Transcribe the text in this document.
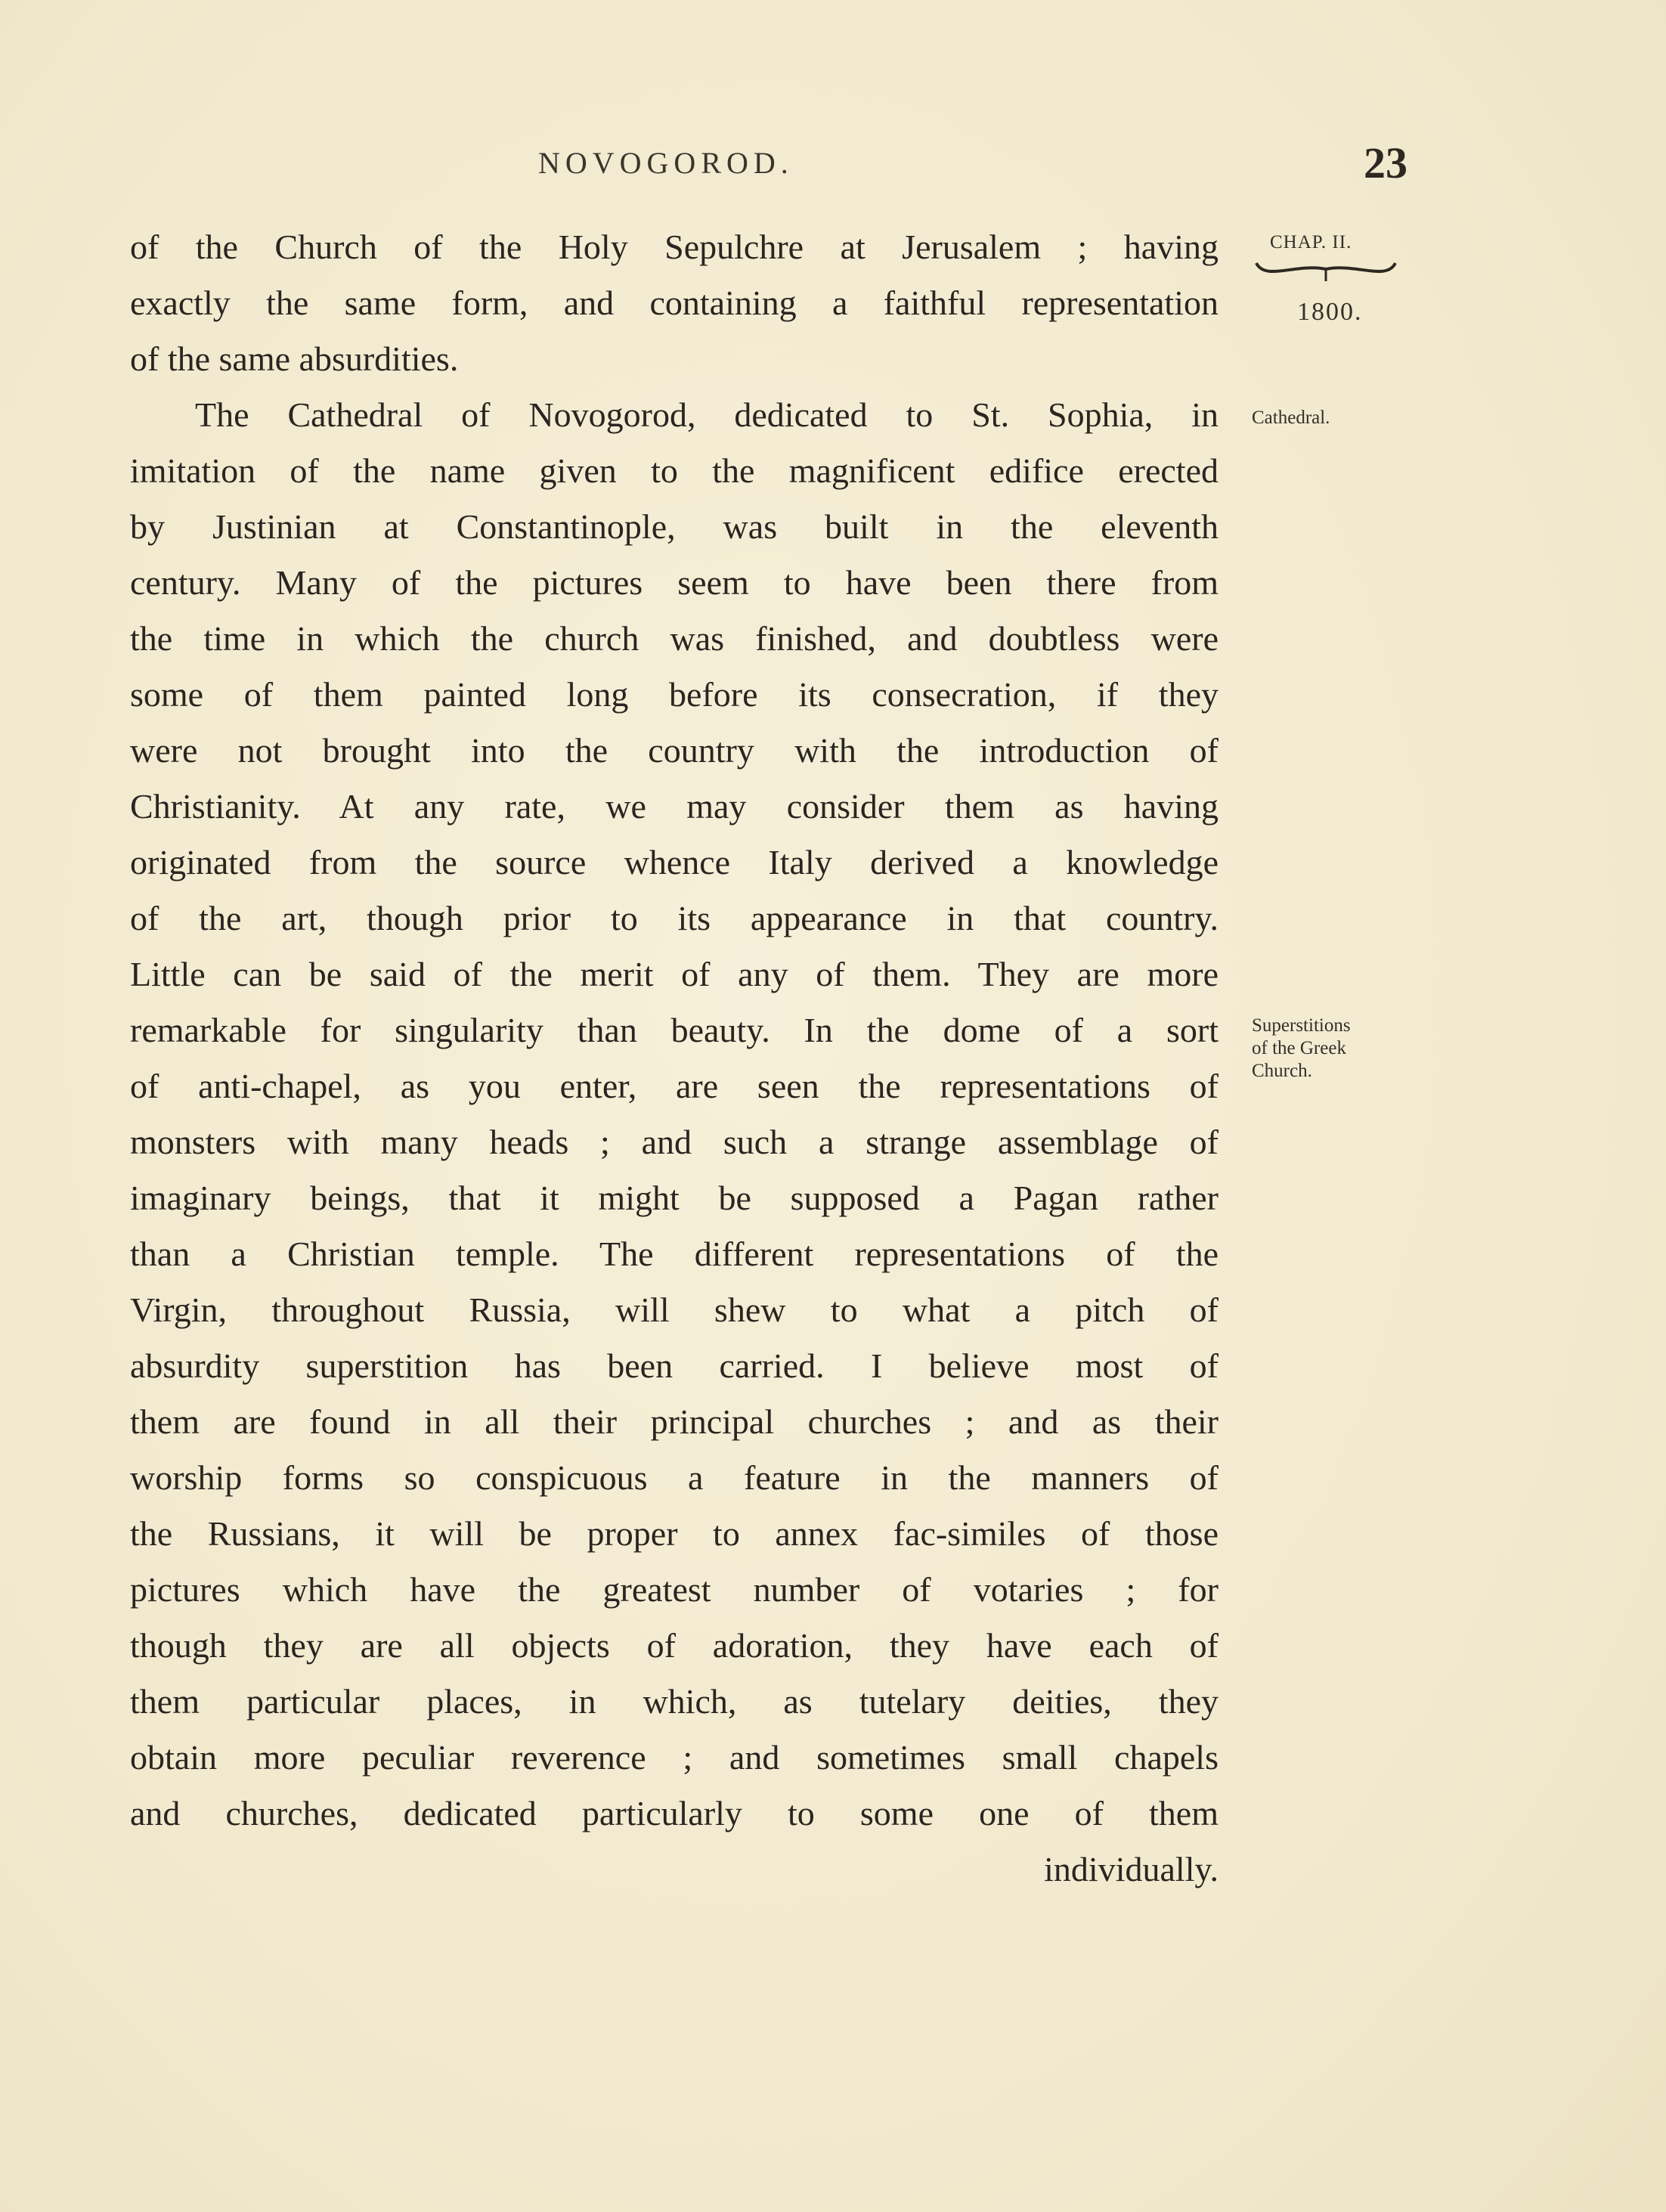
NOVOGOROD.	23
CHAP. II.
1800.
Cathedral.
Superstitions
of the Greek
Church.
of the Church of the Holy Sepulchre at Jerusalem ; having
exactly the same form, and containing a faithful representation
of the same absurdities.
The Cathedral of Novogorod, dedicated to St. Sophia, in
imitation of the name given to the magnificent edifice erected
by Justinian at Constantinople, was built in the eleventh
century. Many of the pictures seem to have been there from
the time in which the church was finished, and doubtless were
some of them painted long before its consecration, if they
were not brought into the country with the introduction of
Christianity. At any rate, we may consider them as having
originated from the source whence Italy derived a knowledge
of the art, though prior to its appearance in that country.
Little can be said of the merit of any of them. They are more
remarkable for singularity than beauty. In the dome of a sort
of anti-chapel, as you enter, are seen the representations of
monsters with many heads ; and such a strange assemblage of
imaginary beings, that it might be supposed a Pagan rather
than a Christian temple. The different representations of the
Virgin, throughout Russia, will shew to what a pitch of
absurdity superstition has been carried. I believe most of
them are found in all their principal churches ; and as their
worship forms so conspicuous a feature in the manners of
the Russians, it will be proper to annex fac-similes of those
pictures which have the greatest number of votaries ; for
though they are all objects of adoration, they have each of
them particular places, in which, as tutelary deities, they
obtain more peculiar reverence ; and sometimes small chapels
and churches, dedicated particularly to some one of them
individually.
